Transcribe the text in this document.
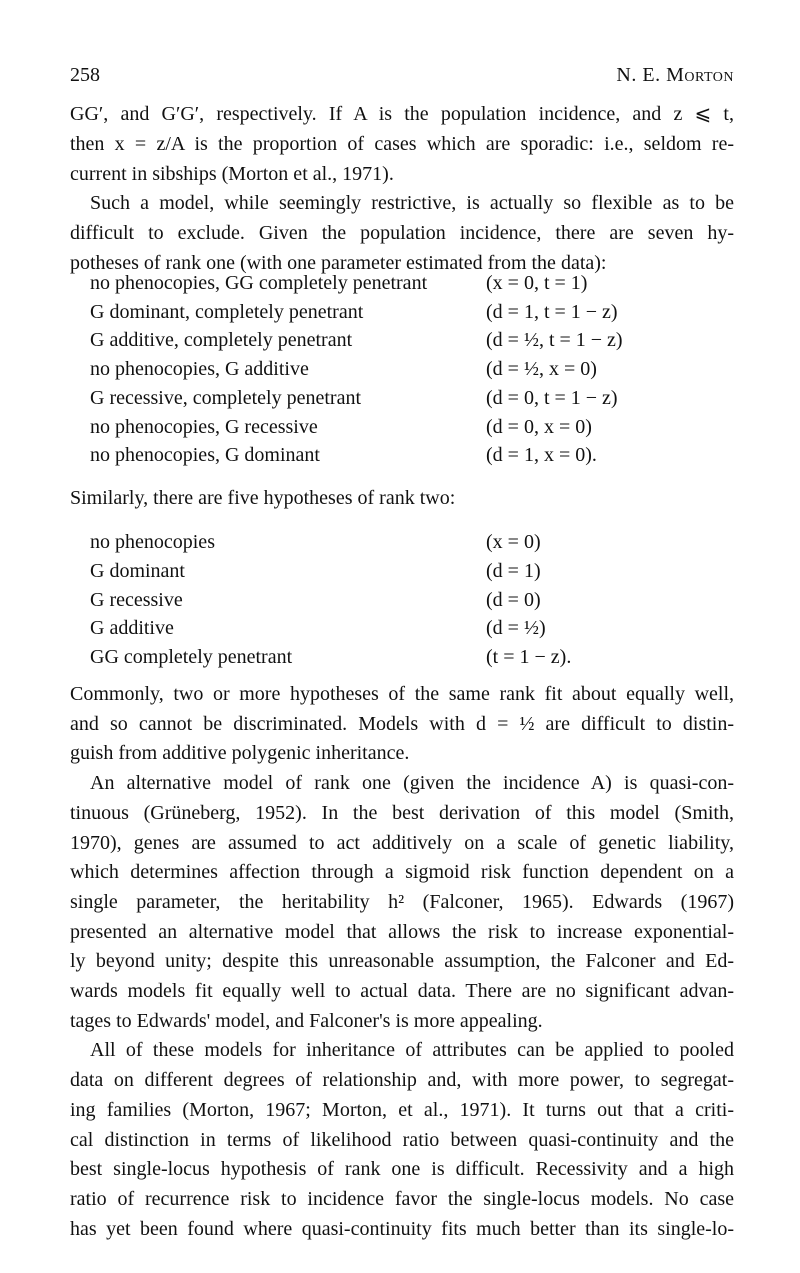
258	N. E. Morton
GG′, and G′G′, respectively. If A is the population incidence, and z ⩽ t,
then x = z/A is the proportion of cases which are sporadic: i.e., seldom re-
current in sibships (Morton et al., 1971).
Such a model, while seemingly restrictive, is actually so flexible as to be
difficult to exclude. Given the population incidence, there are seven hy-
potheses of rank one (with one parameter estimated from the data):
no phenocopies, GG completely penetrant	(x = 0, t = 1)
G dominant, completely penetrant	(d = 1, t = 1 − z)
G additive, completely penetrant	(d = ½, t = 1 − z)
no phenocopies, G additive	(d = ½, x = 0)
G recessive, completely penetrant	(d = 0, t = 1 − z)
no phenocopies, G recessive	(d = 0, x = 0)
no phenocopies, G dominant	(d = 1, x = 0).
Similarly, there are five hypotheses of rank two:
no phenocopies	(x = 0)
G dominant	(d = 1)
G recessive	(d = 0)
G additive	(d = ½)
GG completely penetrant	(t = 1 − z).
Commonly, two or more hypotheses of the same rank fit about equally well,
and so cannot be discriminated. Models with d = ½ are difficult to distin-
guish from additive polygenic inheritance.
An alternative model of rank one (given the incidence A) is quasi-con-
tinuous (Grüneberg, 1952). In the best derivation of this model (Smith,
1970), genes are assumed to act additively on a scale of genetic liability,
which determines affection through a sigmoid risk function dependent on a
single parameter, the heritability h² (Falconer, 1965). Edwards (1967)
presented an alternative model that allows the risk to increase exponential-
ly beyond unity; despite this unreasonable assumption, the Falconer and Ed-
wards models fit equally well to actual data. There are no significant advan-
tages to Edwards' model, and Falconer's is more appealing.
All of these models for inheritance of attributes can be applied to pooled
data on different degrees of relationship and, with more power, to segregat-
ing families (Morton, 1967; Morton, et al., 1971). It turns out that a criti-
cal distinction in terms of likelihood ratio between quasi-continuity and the
best single-locus hypothesis of rank one is difficult. Recessivity and a high
ratio of recurrence risk to incidence favor the single-locus models. No case
has yet been found where quasi-continuity fits much better than its single-lo-
